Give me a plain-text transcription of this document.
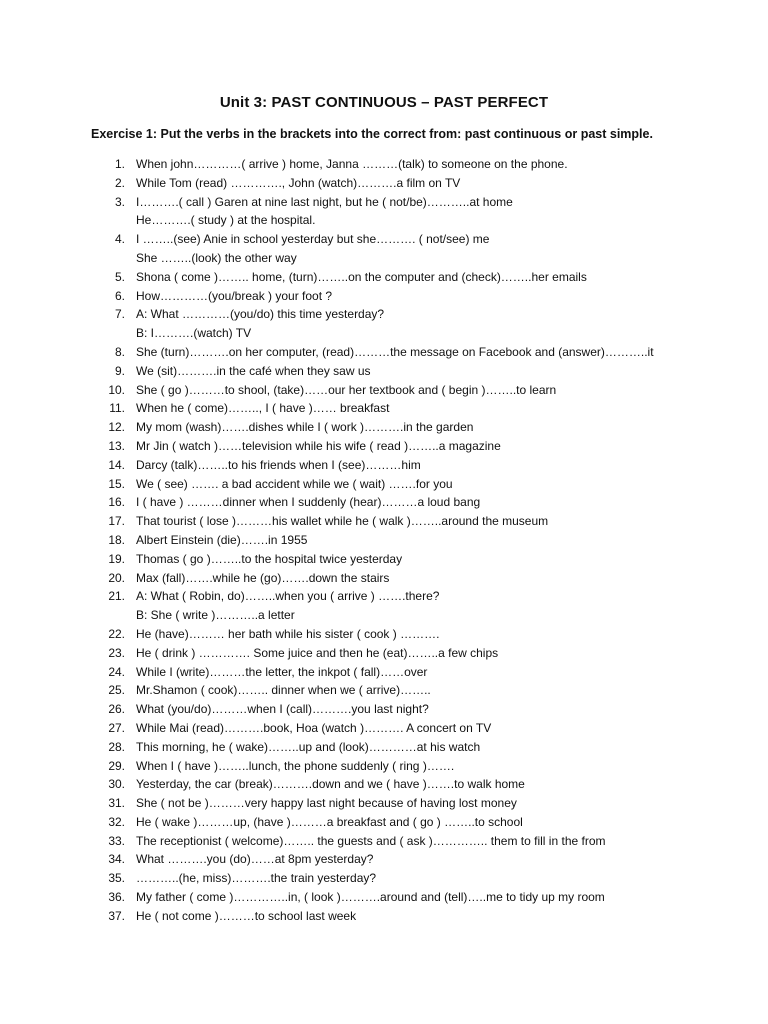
Unit 3: PAST CONTINUOUS – PAST PERFECT
Exercise 1: Put the verbs in the brackets into the correct from: past continuous or past simple.
1. When john…………( arrive ) home, Janna ………(talk) to someone on the phone.
2. While Tom (read) …………., John (watch)……….a film on TV
3. I……….( call ) Garen at nine last night, but he ( not/be)………..at home
He……….( study ) at the hospital.
4. I ……..(see) Anie in school yesterday but she………. ( not/see) me
She ……..(look) the other way
5. Shona ( come )…….. home, (turn)……..on the computer and (check)……..her emails
6. How…………(you/break ) your foot ?
7. A: What …………(you/do) this time yesterday?
B: I……….(watch) TV
8. She (turn)……….on her computer, (read)………the message on Facebook and (answer)………..it
9. We (sit)……….in the café when they saw us
10. She ( go )………to shool, (take)……our her textbook and ( begin )……..to learn
11. When he ( come)…….., I ( have )…… breakfast
12. My mom (wash)…….dishes while I ( work )……….in the garden
13. Mr Jin ( watch )……television while his wife ( read )……..a magazine
14. Darcy (talk)……..to his friends when I (see)………him
15. We ( see) ……. a bad accident while we ( wait) …….for you
16. I ( have ) ………dinner when I suddenly (hear)………a loud bang
17. That tourist ( lose )………his wallet while he ( walk )……..around the museum
18. Albert Einstein (die)…….in 1955
19. Thomas ( go )……..to the hospital twice yesterday
20. Max (fall)…….while he (go)…….down the stairs
21. A: What ( Robin, do)……..when you ( arrive ) …….there?
B: She ( write )………..a letter
22. He (have)……… her bath while his sister ( cook ) ……….
23. He ( drink ) …………. Some juice and then he (eat)……..a few chips
24. While I (write)………the letter, the inkpot ( fall)……over
25. Mr.Shamon ( cook)…….. dinner when we ( arrive)……..
26. What (you/do)………when I (call)……….you last night?
27. While Mai (read)……….book, Hoa (watch )………. A concert on TV
28. This morning, he ( wake)……..up and (look)…………at his watch
29. When I ( have )……..lunch, the phone suddenly ( ring )…….
30. Yesterday, the car (break)……….down and we ( have )…….to walk home
31. She ( not be )………very happy last night because of having lost money
32. He ( wake )………up, (have )………a breakfast and ( go ) ……..to school
33. The receptionist ( welcome)…….. the guests and ( ask )………….. them to fill in the from
34. What ……….you (do)……at 8pm yesterday?
35. ………..(he, miss)……….the train yesterday?
36. My father ( come )…………..in, ( look )……….around and (tell)…..me to tidy up my room
37. He ( not come )………to school last week
